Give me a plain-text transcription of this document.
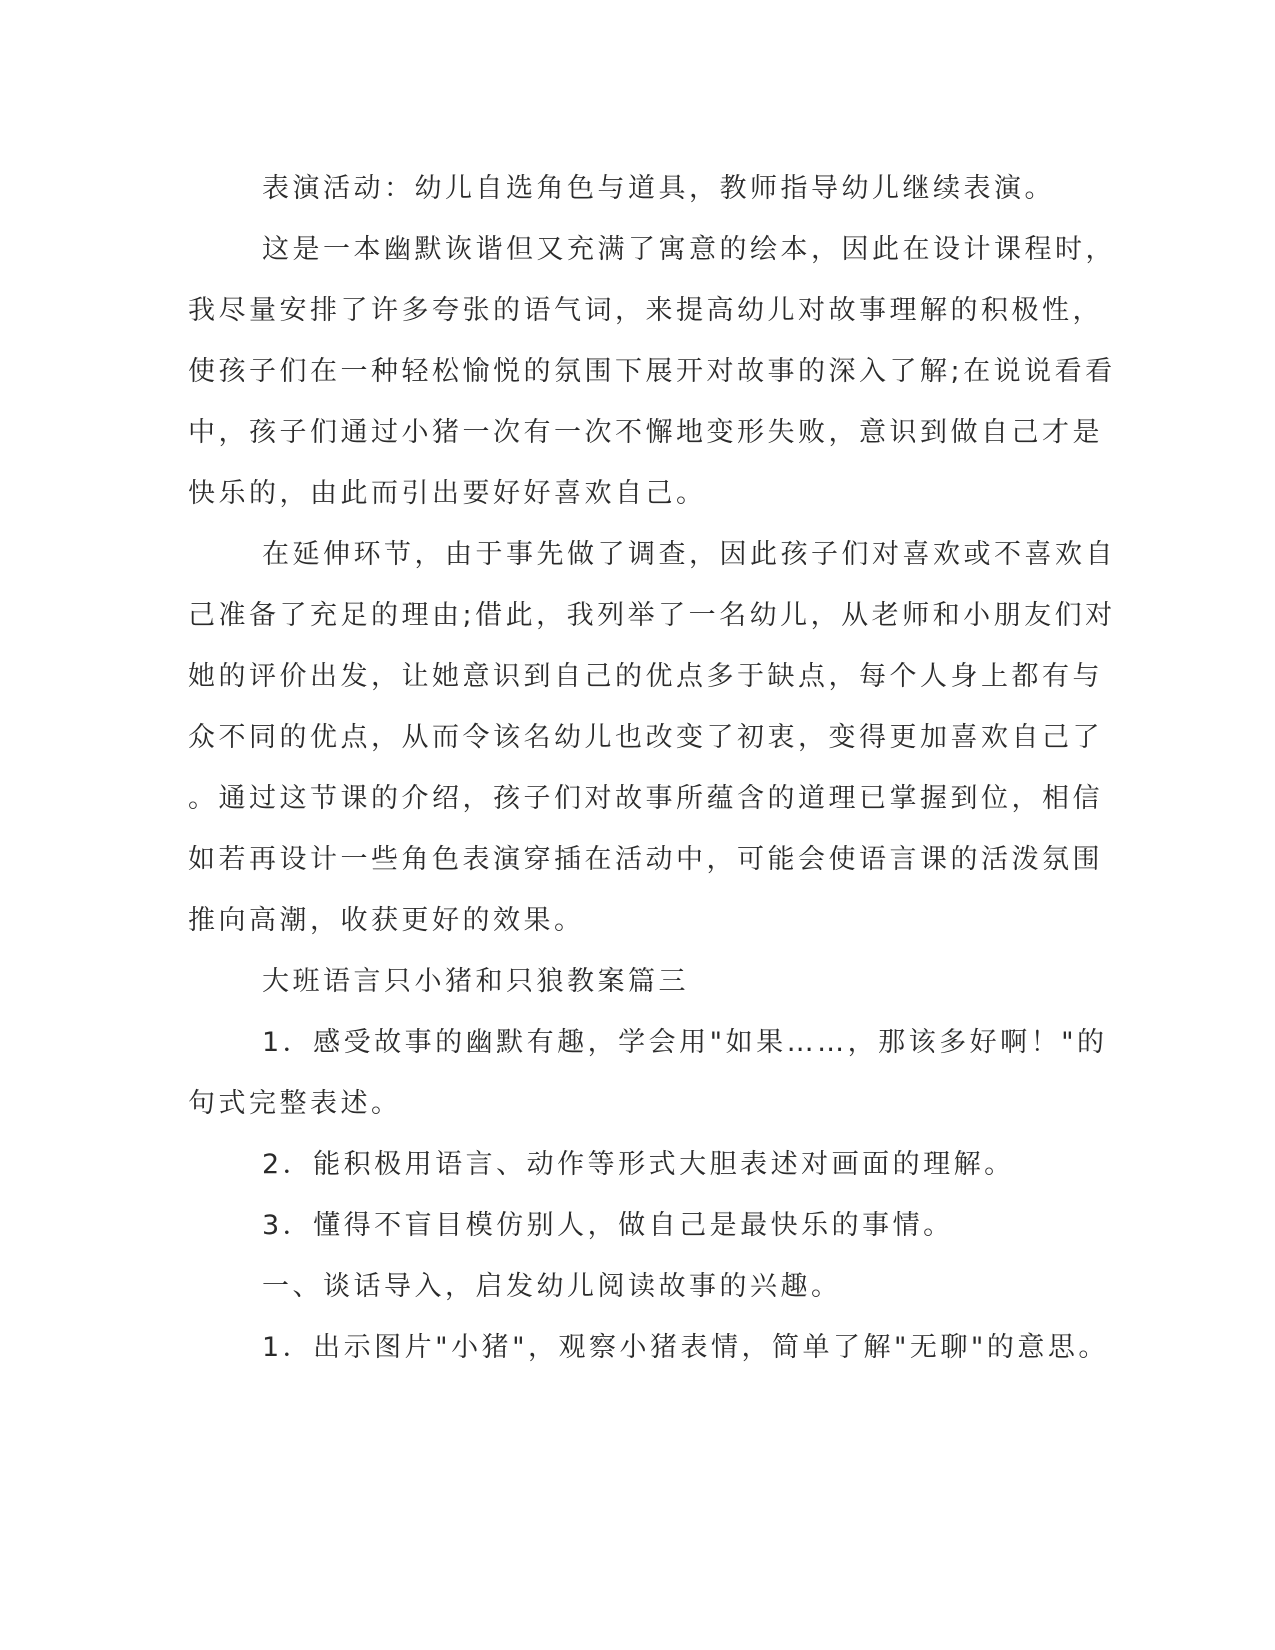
表演活动：幼儿自选角色与道具，教师指导幼儿继续表演。

这是一本幽默诙谐但又充满了寓意的绘本，因此在设计课程时，
我尽量安排了许多夸张的语气词，来提高幼儿对故事理解的积极性，
使孩子们在一种轻松愉悦的氛围下展开对故事的深入了解;在说说看看
中，孩子们通过小猪一次有一次不懈地变形失败，意识到做自己才是
快乐的，由此而引出要好好喜欢自己。

在延伸环节，由于事先做了调查，因此孩子们对喜欢或不喜欢自
己准备了充足的理由;借此，我列举了一名幼儿，从老师和小朋友们对
她的评价出发，让她意识到自己的优点多于缺点，每个人身上都有与
众不同的优点，从而令该名幼儿也改变了初衷，变得更加喜欢自己了
。通过这节课的介绍，孩子们对故事所蕴含的道理已掌握到位，相信
如若再设计一些角色表演穿插在活动中，可能会使语言课的活泼氛围
推向高潮，收获更好的效果。

大班语言只小猪和只狼教案篇三

1．感受故事的幽默有趣，学会用"如果……，那该多好啊！"的
句式完整表述。

2．能积极用语言、动作等形式大胆表述对画面的理解。

3．懂得不盲目模仿别人，做自己是最快乐的事情。

一、谈话导入，启发幼儿阅读故事的兴趣。

1．出示图片"小猪"，观察小猪表情，简单了解"无聊"的意思。
